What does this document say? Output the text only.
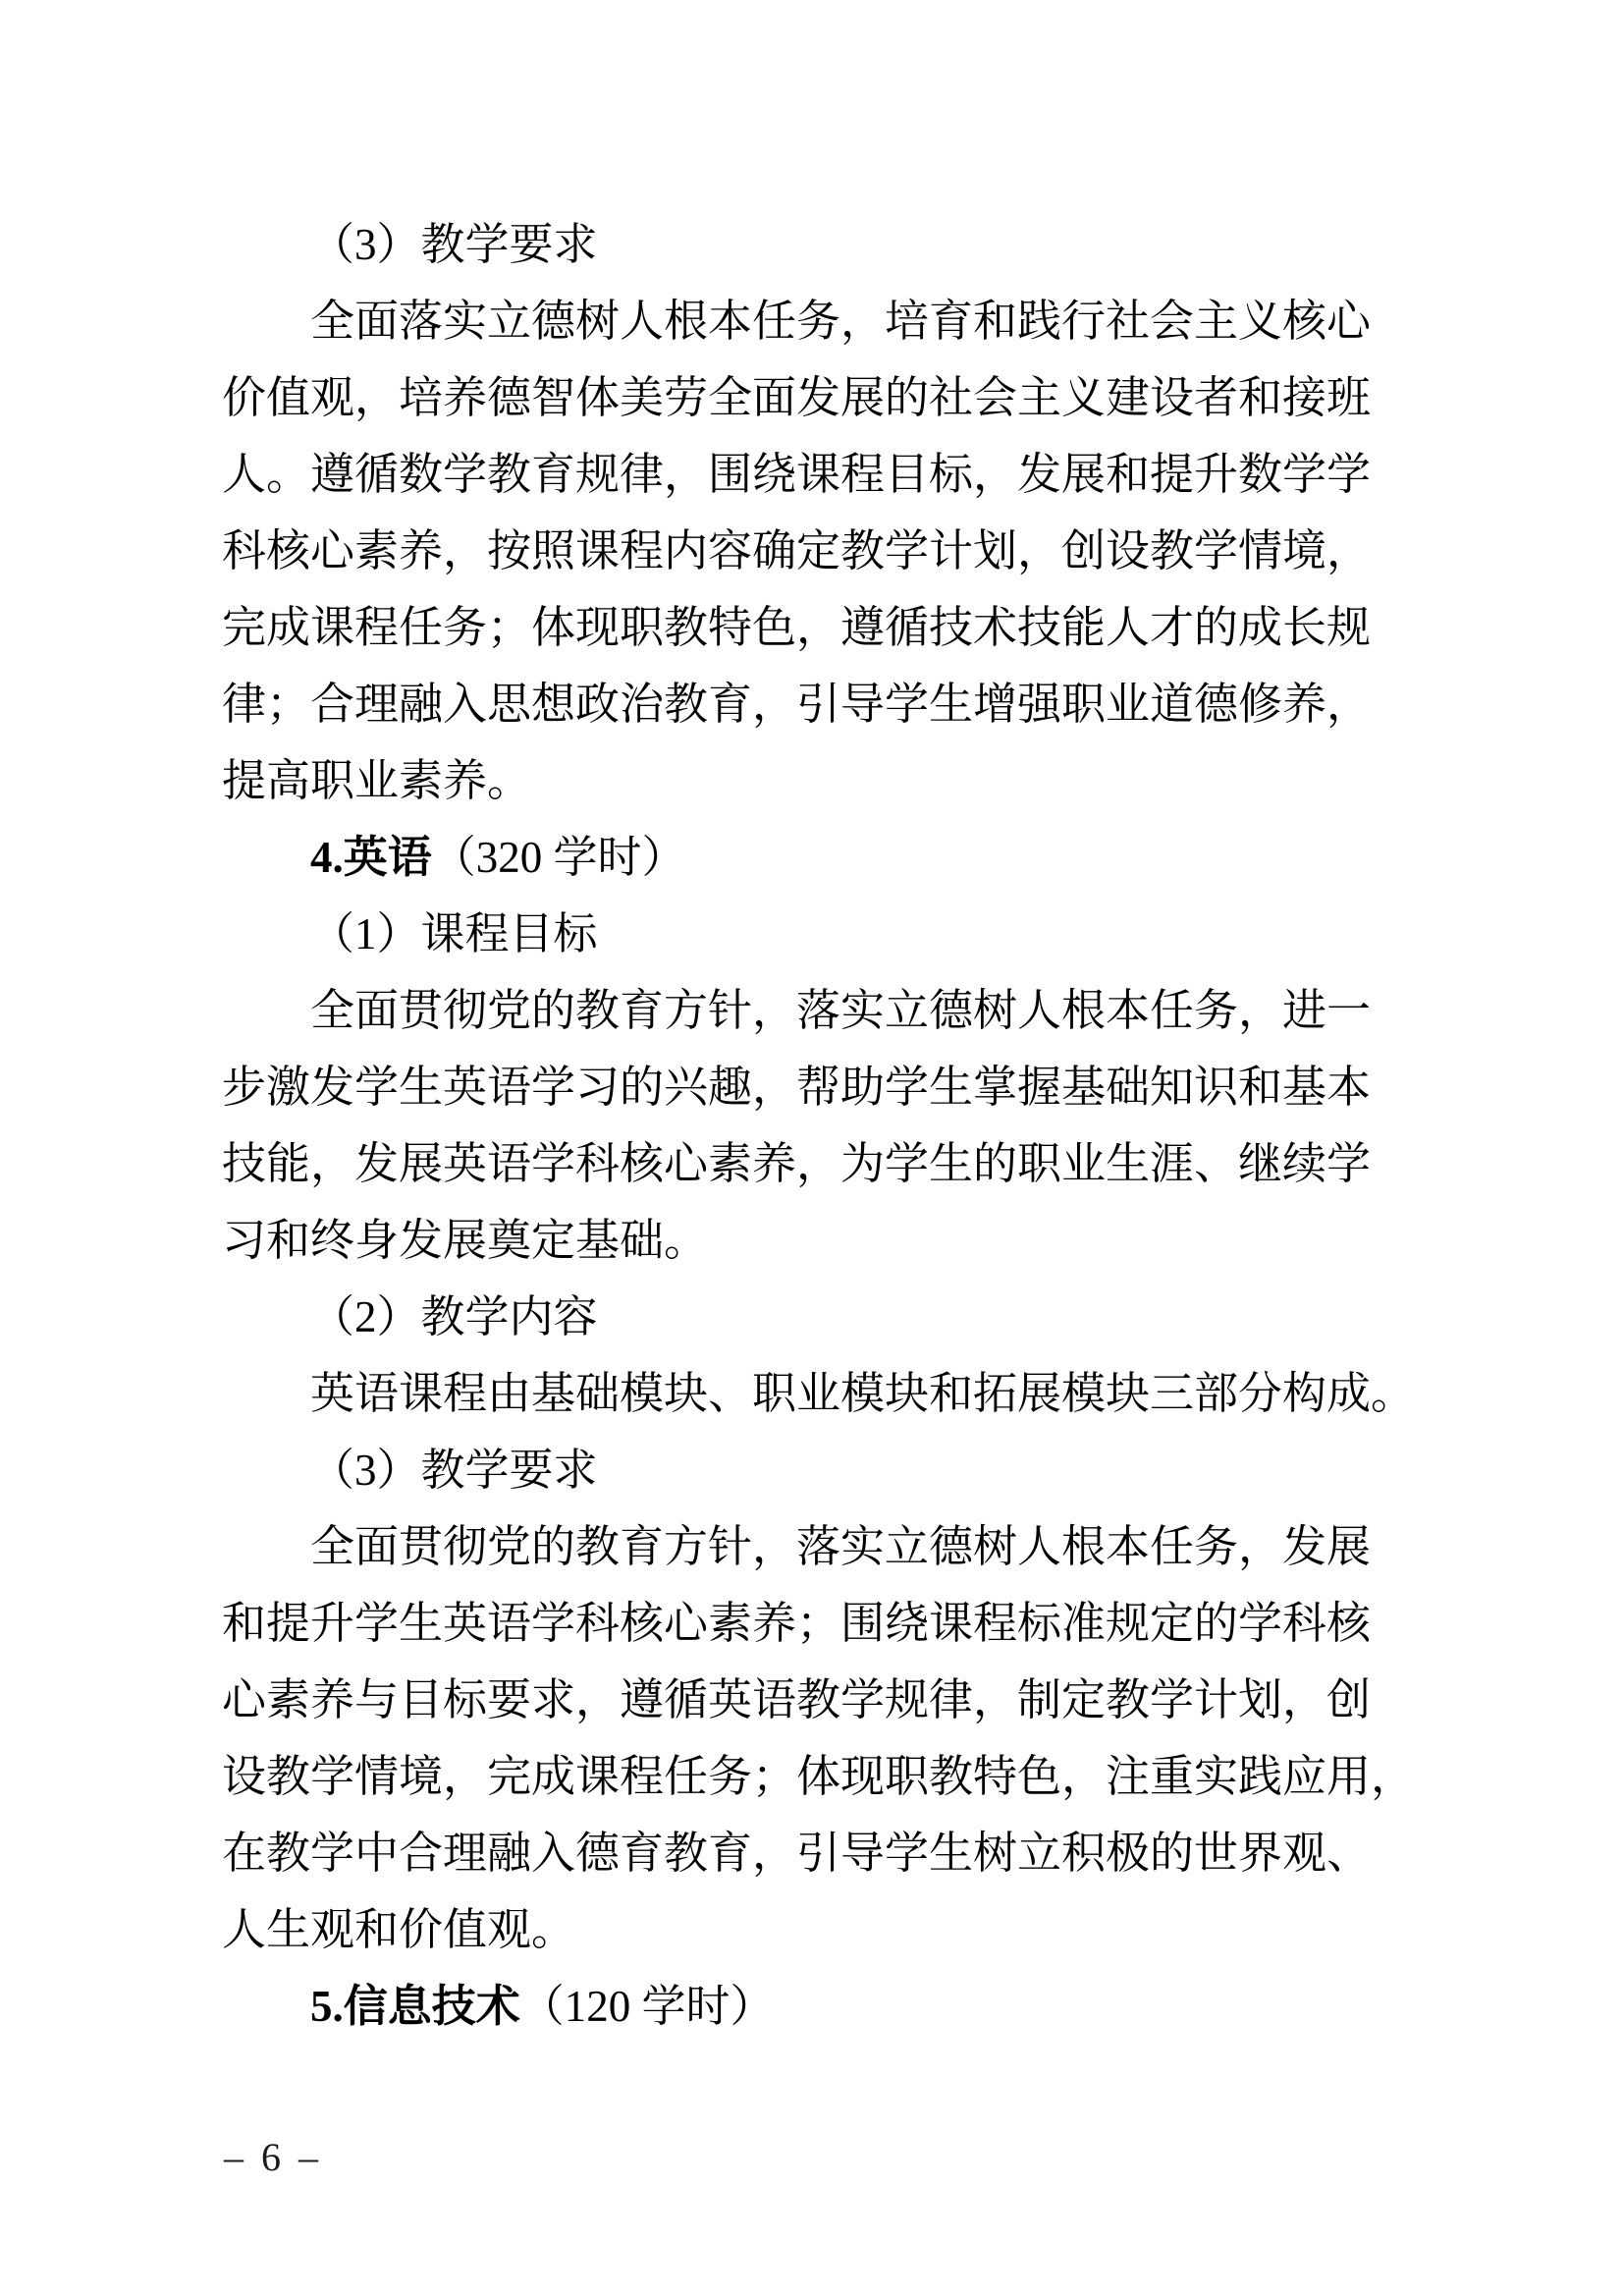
（3）教学要求
全面落实立德树人根本任务，培育和践行社会主义核心
价值观，培养德智体美劳全面发展的社会主义建设者和接班
人。遵循数学教育规律，围绕课程目标，发展和提升数学学
科核心素养，按照课程内容确定教学计划，创设教学情境，
完成课程任务；体现职教特色，遵循技术技能人才的成长规
律；合理融入思想政治教育，引导学生增强职业道德修养，
提高职业素养。
4.英语（320 学时）
（1）课程目标
全面贯彻党的教育方针，落实立德树人根本任务，进一
步激发学生英语学习的兴趣，帮助学生掌握基础知识和基本
技能，发展英语学科核心素养，为学生的职业生涯、继续学
习和终身发展奠定基础。
（2）教学内容
英语课程由基础模块、职业模块和拓展模块三部分构成。
（3）教学要求
全面贯彻党的教育方针，落实立德树人根本任务，发展
和提升学生英语学科核心素养；围绕课程标准规定的学科核
心素养与目标要求，遵循英语教学规律，制定教学计划，创
设教学情境，完成课程任务；体现职教特色，注重实践应用，
在教学中合理融入德育教育，引导学生树立积极的世界观、
人生观和价值观。
5.信息技术（120 学时）
– 6 –
